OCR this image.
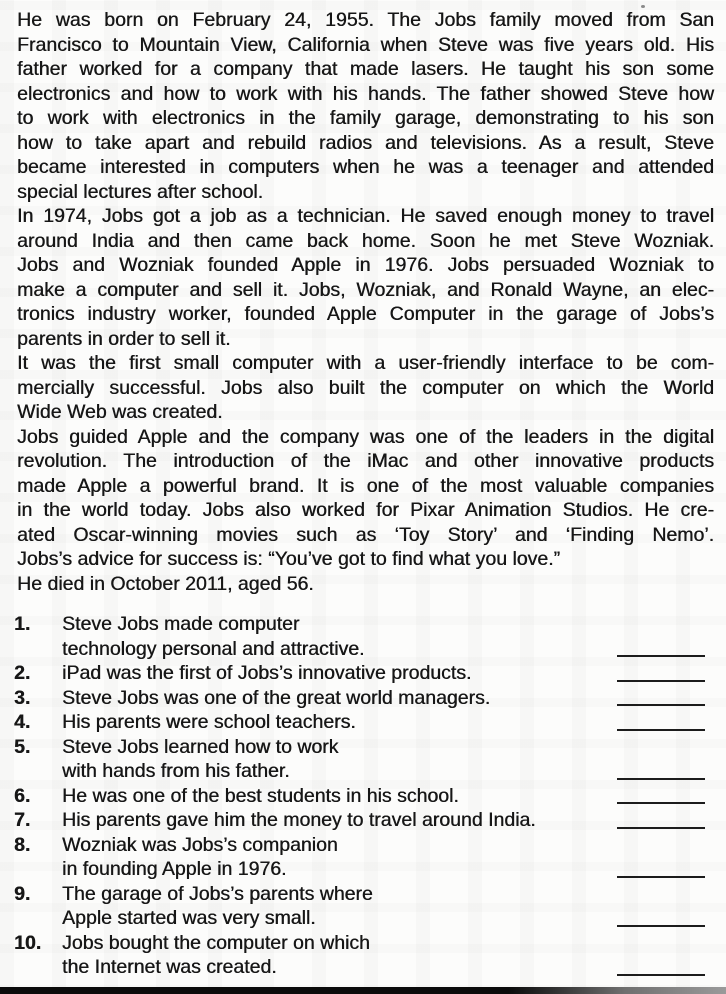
He was born on February 24, 1955. The Jobs family moved from San
Francisco to Mountain View, California when Steve was five years old. His
father worked for a company that made lasers. He taught his son some
electronics and how to work with his hands. The father showed Steve how
to work with electronics in the family garage, demonstrating to his son
how to take apart and rebuild radios and televisions. As a result, Steve
became interested in computers when he was a teenager and attended
special lectures after school.
In 1974, Jobs got a job as a technician. He saved enough money to travel
around India and then came back home. Soon he met Steve Wozniak.
Jobs and Wozniak founded Apple in 1976. Jobs persuaded Wozniak to
make a computer and sell it. Jobs, Wozniak, and Ronald Wayne, an elec-
tronics industry worker, founded Apple Computer in the garage of Jobs’s
parents in order to sell it.
It was the first small computer with a user-friendly interface to be com-
mercially successful. Jobs also built the computer on which the World
Wide Web was created.
Jobs guided Apple and the company was one of the leaders in the digital
revolution. The introduction of the iMac and other innovative products
made Apple a powerful brand. It is one of the most valuable companies
in the world today. Jobs also worked for Pixar Animation Studios. He cre-
ated Oscar-winning movies such as ‘Toy Story’ and ‘Finding Nemo’.
Jobs’s advice for success is: “You’ve got to find what you love.”
He died in October 2011, aged 56.
1.	Steve Jobs made computer
technology personal and attractive.
2.	iPad was the first of Jobs’s innovative products.
3.	Steve Jobs was one of the great world managers.
4.	His parents were school teachers.
5.	Steve Jobs learned how to work
with hands from his father.
6.	He was one of the best students in his school.
7.	His parents gave him the money to travel around India.
8.	Wozniak was Jobs’s companion
in founding Apple in 1976.
9.	The garage of Jobs’s parents where
Apple started was very small.
10.	Jobs bought the computer on which
the Internet was created.
